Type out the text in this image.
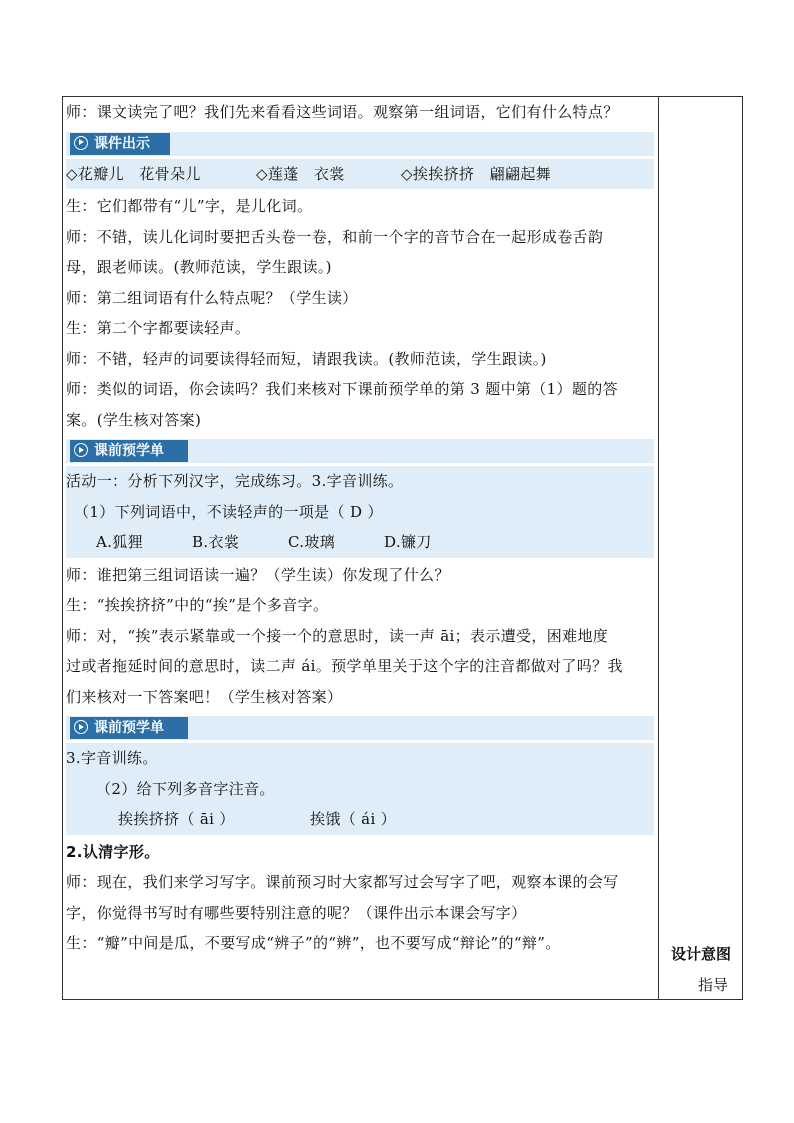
师：课文读完了吧？我们先来看看这些词语。观察第一组词语，它们有什么特点？
课件出示
◇花瓣儿　花骨朵儿	◇莲蓬　衣裳	◇挨挨挤挤　翩翩起舞
生：它们都带有“儿”字，是儿化词。
师：不错，读儿化词时要把舌头卷一卷，和前一个字的音节合在一起形成卷舌韵
母，跟老师读。(教师范读，学生跟读。)
师：第二组词语有什么特点呢？（学生读）
生：第二个字都要读轻声。
师：不错，轻声的词要读得轻而短，请跟我读。(教师范读，学生跟读。)
师：类似的词语，你会读吗？我们来核对下课前预学单的第 3 题中第（1）题的答
案。(学生核对答案)
课前预学单
活动一：分析下列汉字，完成练习。3.字音训练。
（1）下列词语中，不读轻声的一项是（ D ）
A.狐狸	B.衣裳	C.玻璃	D.镰刀
师：谁把第三组词语读一遍？（学生读）你发现了什么？
生：“挨挨挤挤”中的“挨”是个多音字。
师：对，“挨”表示紧靠或一个接一个的意思时，读一声 āi；表示遭受，困难地度
过或者拖延时间的意思时，读二声 ái。预学单里关于这个字的注音都做对了吗？我
们来核对一下答案吧！（学生核对答案）
课前预学单
3.字音训练。
（2）给下列多音字注音。
挨挨挤挤（ āi ）	挨饿（ ái ）
2.认清字形。
师：现在，我们来学习写字。课前预习时大家都写过会写字了吧，观察本课的会写
字，你觉得书写时有哪些要特别注意的呢？（课件出示本课会写字）
生：“瓣”中间是瓜，不要写成“辨子”的“辨”，也不要写成“辩论”的“辩”。
设计意图
指导
